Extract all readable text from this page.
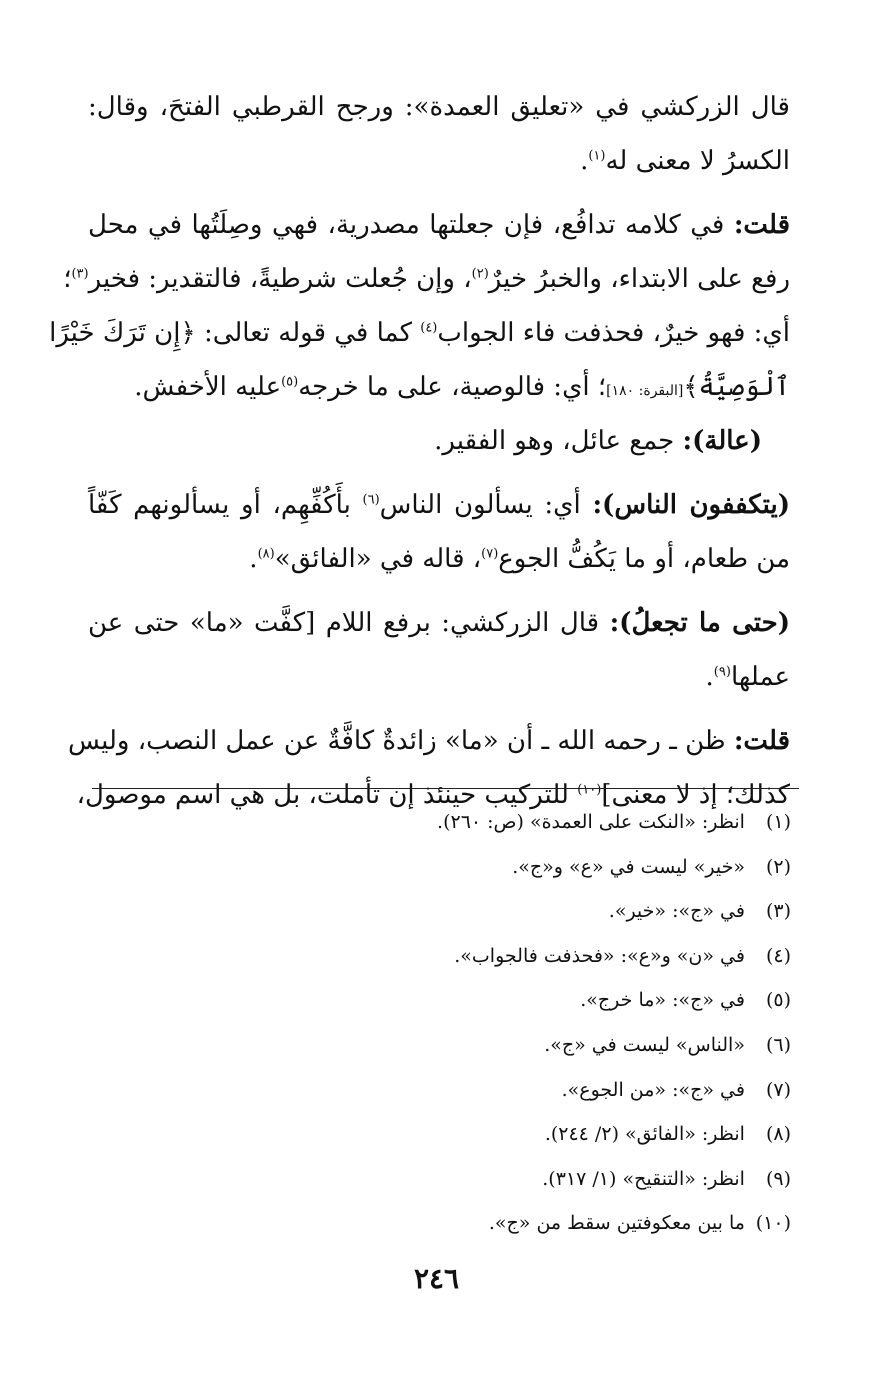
قال الزركشي في «تعليق العمدة»: ورجح القرطبي الفتحَ، وقال:
الكسرُ لا معنى له$^{(١)}$.
قلت: في كلامه تدافُع، فإن جعلتها مصدرية، فهي وصِلَتُها في محل
رفع على الابتداء، والخبرُ خيرٌ$^{(٢)}$، وإن جُعلت شرطيةً، فالتقدير: فخير$^{(٣)}$؛
أي: فهو خيرٌ، فحذفت فاء الجواب$^{(٤)}$ كما في قوله تعالى: ﴿إِن تَرَكَ خَيْرًا
ٱلْوَصِيَّةُ﴾[البقرة: ١٨٠]؛ أي: فالوصية، على ما خرجه$^{(٥)}$عليه الأخفش.
(عالة): جمع عائل، وهو الفقير.
(يتكففون الناس): أي: يسألون الناس$^{(٦)}$ بأَكُفِّهِم، أو يسألونهم كَفّاً
من طعام، أو ما يَكُفُّ الجوع$^{(٧)}$، قاله في «الفائق»$^{(٨)}$.
(حتى ما تجعلُ): قال الزركشي: برفع اللام [كفَّت «ما» حتى عن
عملها$^{(٩)}$.
قلت: ظن ـ رحمه الله ـ أن «ما» زائدةٌ كافَّةٌ عن عمل النصب، وليس
كذلك؛ إذ لا معنى]$^{(١٠)}$ للتركيب حينئذ إن تأملت، بل هي اسم موصول،
(١) انظر: «النكت على العمدة» (ص: ٢٦٠).
(٢) «خير» ليست في «ع» و«ج».
(٣) في «ج»: «خير».
(٤) في «ن» و«ع»: «فحذفت فالجواب».
(٥) في «ج»: «ما خرج».
(٦) «الناس» ليست في «ج».
(٧) في «ج»: «من الجوع».
(٨) انظر: «الفائق» (٢/ ٢٤٤).
(٩) انظر: «التنقيح» (١/ ٣١٧).
(١٠) ما بين معكوفتين سقط من «ج».
٢٤٦
